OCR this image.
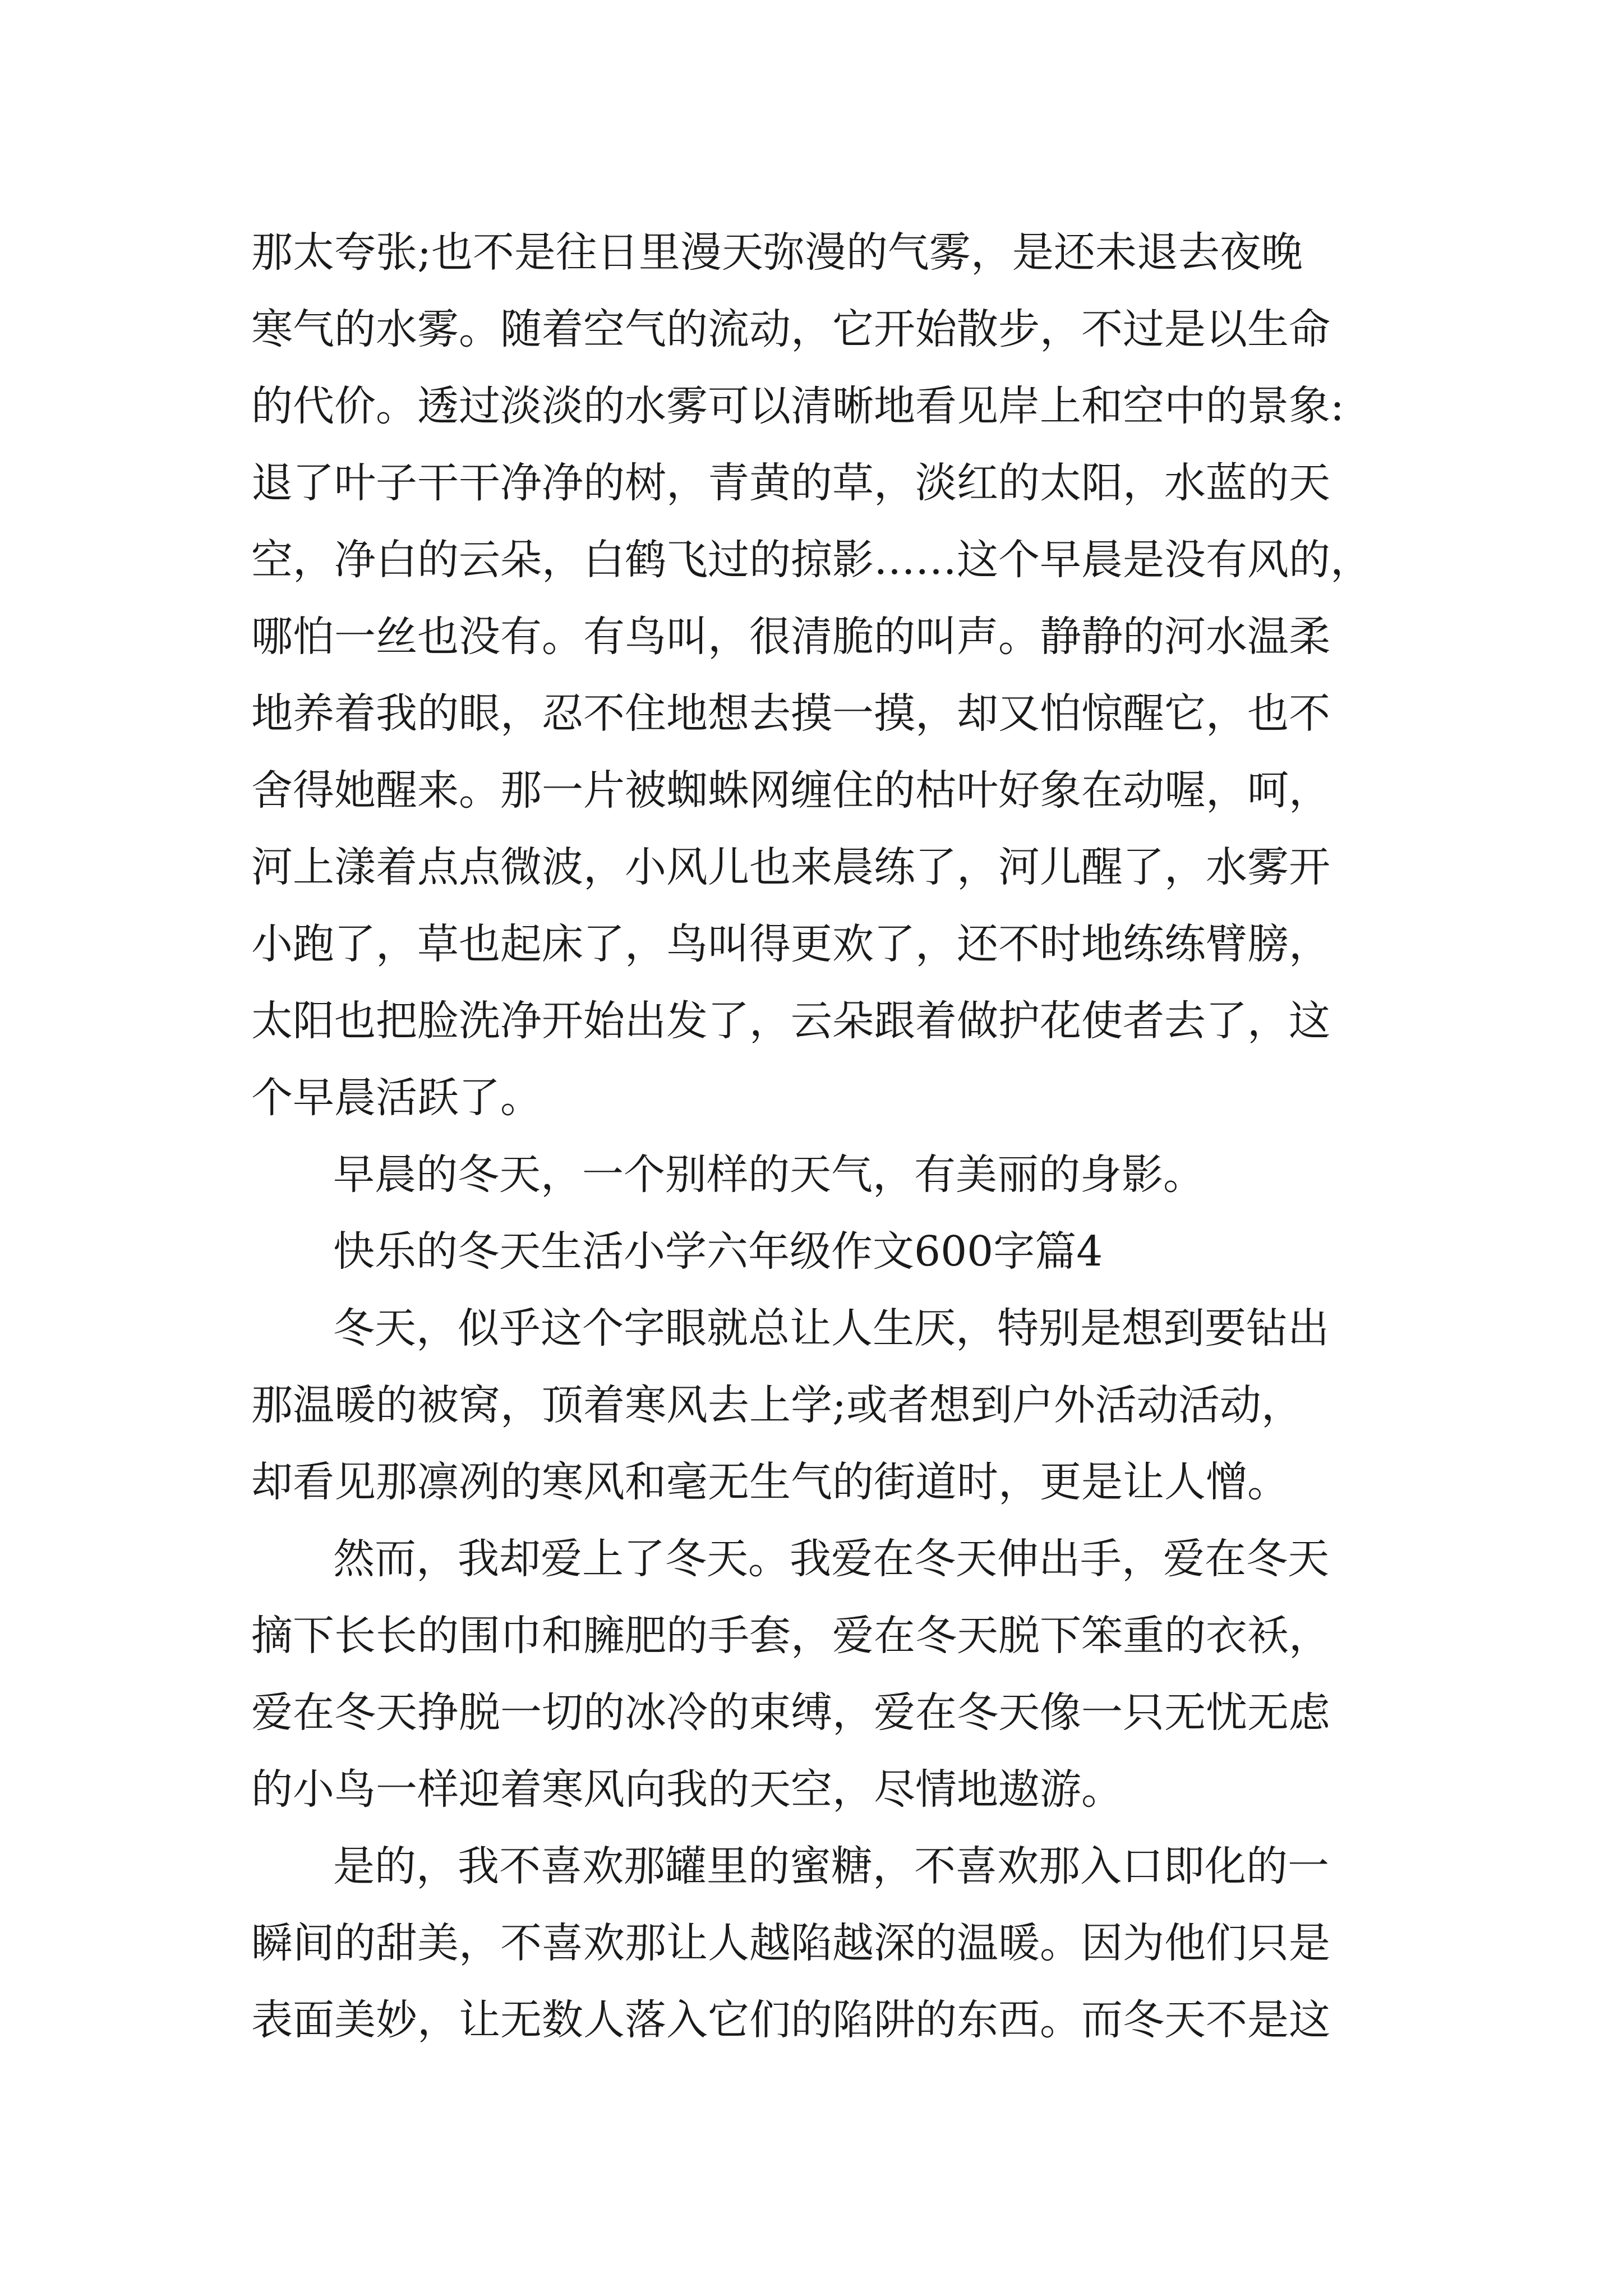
那太夸张;也不是往日里漫天弥漫的气雾，是还未退去夜晚
寒气的水雾。随着空气的流动，它开始散步，不过是以生命
的代价。透过淡淡的水雾可以清晰地看见岸上和空中的景象:
退了叶子干干净净的树，青黄的草，淡红的太阳，水蓝的天
空，净白的云朵，白鹤飞过的掠影……这个早晨是没有风的，
哪怕一丝也没有。有鸟叫，很清脆的叫声。静静的河水温柔
地养着我的眼，忍不住地想去摸一摸，却又怕惊醒它，也不
舍得她醒来。那一片被蜘蛛网缠住的枯叶好象在动喔，呵，
河上漾着点点微波，小风儿也来晨练了，河儿醒了，水雾开
小跑了，草也起床了，鸟叫得更欢了，还不时地练练臂膀，
太阳也把脸洗净开始出发了，云朵跟着做护花使者去了，这
个早晨活跃了。
早晨的冬天，一个别样的天气，有美丽的身影。
快乐的冬天生活小学六年级作文600字篇4
冬天，似乎这个字眼就总让人生厌，特别是想到要钻出
那温暖的被窝，顶着寒风去上学;或者想到户外活动活动，
却看见那凛冽的寒风和毫无生气的街道时，更是让人憎。
然而，我却爱上了冬天。我爱在冬天伸出手，爱在冬天
摘下长长的围巾和臃肥的手套，爱在冬天脱下笨重的衣袄，
爱在冬天挣脱一切的冰冷的束缚，爱在冬天像一只无忧无虑
的小鸟一样迎着寒风向我的天空，尽情地遨游。
是的，我不喜欢那罐里的蜜糖，不喜欢那入口即化的一
瞬间的甜美，不喜欢那让人越陷越深的温暖。因为他们只是
表面美妙，让无数人落入它们的陷阱的东西。而冬天不是这
